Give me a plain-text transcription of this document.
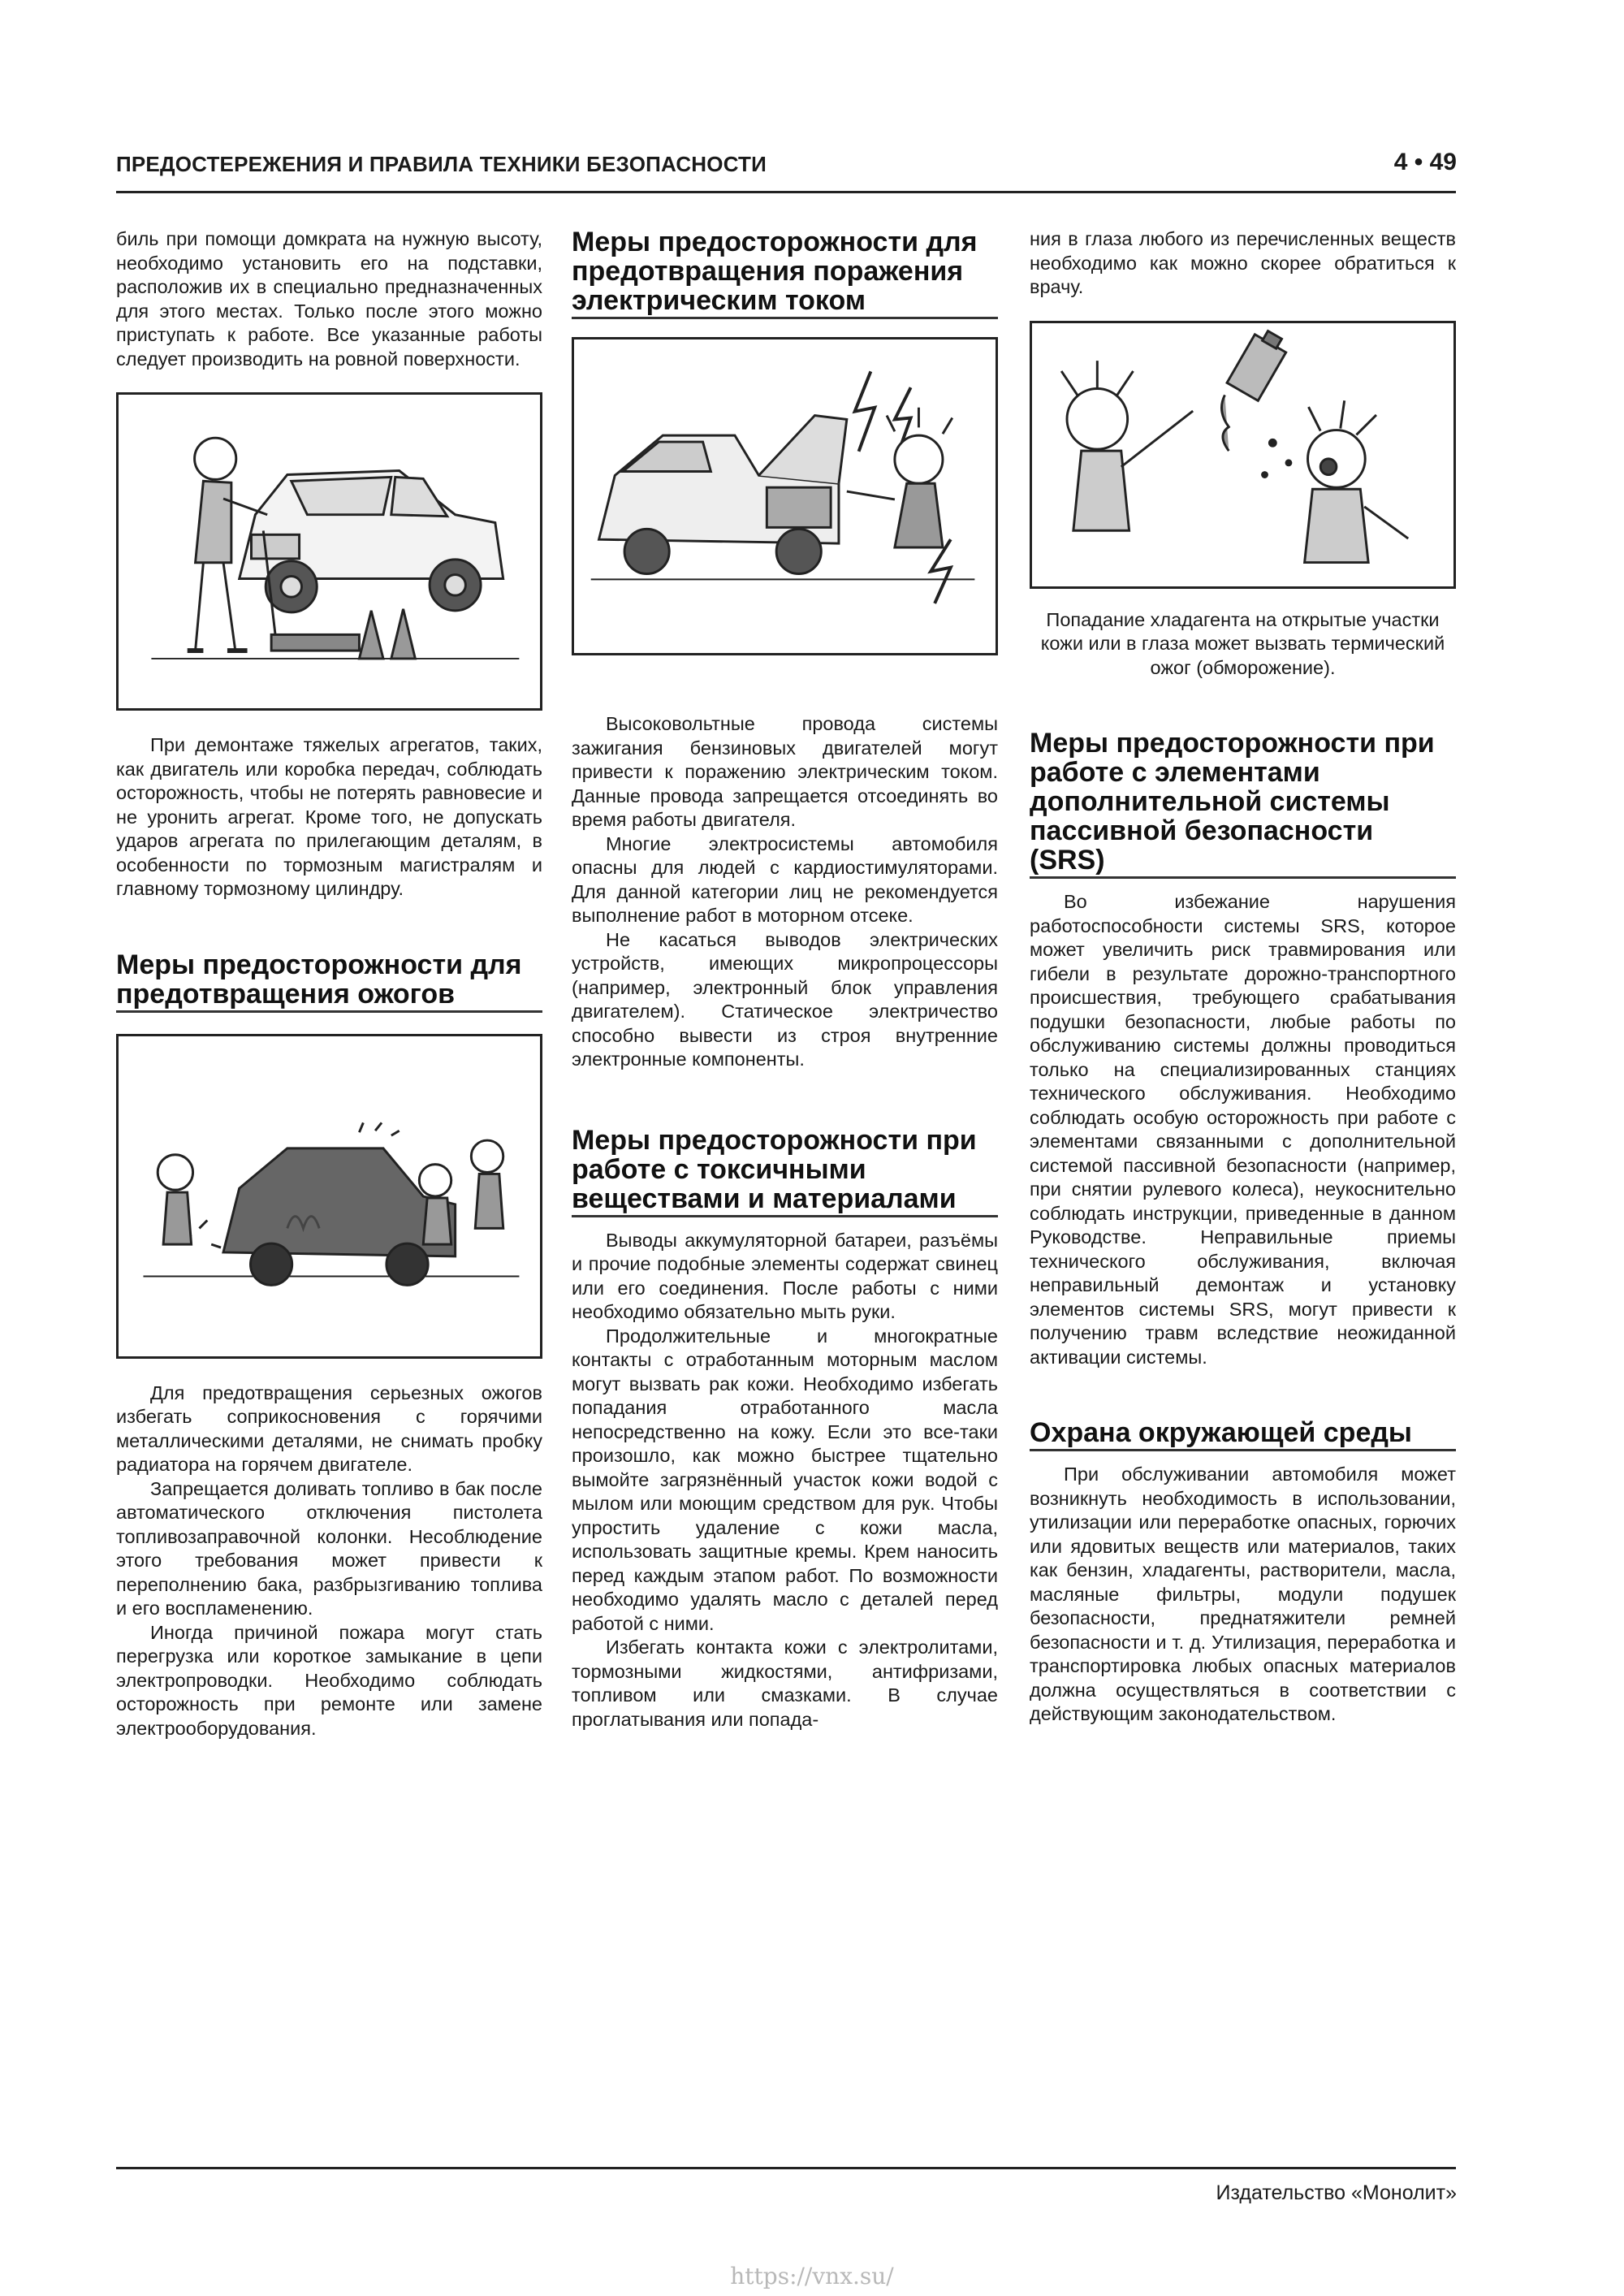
ПРЕДОСТЕРЕЖЕНИЯ И ПРАВИЛА ТЕХНИКИ БЕЗОПАСНОСТИ	4 • 49

биль при помощи домкрата на нужную высоту, необходимо установить его на подставки, расположив их в специально предназначенных для этого местах. Только после этого можно приступать к работе. Все указанные работы следует производить на ровной поверхности.

При демонтаже тяжелых агрегатов, таких, как двигатель или коробка передач, соблюдать осторожность, чтобы не потерять равновесие и не уронить агрегат. Кроме того, не допускать ударов агрегата по прилегающим деталям, в особенности по тормозным магистралям и главному тормозному цилиндру.

Меры предосторожности для предотвращения ожогов

Для предотвращения серьезных ожогов избегать соприкосновения с горячими металлическими деталями, не снимать пробку радиатора на горячем двигателе.

Запрещается доливать топливо в бак после автоматического отключения пистолета топливозаправочной колонки. Несоблюдение этого требования может привести к переполнению бака, разбрызгиванию топлива и его воспламенению.

Иногда причиной пожара могут стать перегрузка или короткое замыкание в цепи электропроводки. Необходимо соблюдать осторожность при ремонте или замене электрооборудования.

Меры предосторожности для предотвращения поражения электрическим током

Высоковольтные провода системы зажигания бензиновых двигателей могут привести к поражению электрическим током. Данные провода запрещается отсоединять во время работы двигателя.

Многие электросистемы автомобиля опасны для людей с кардиостимуляторами. Для данной категории лиц не рекомендуется выполнение работ в моторном отсеке.

Не касаться выводов электрических устройств, имеющих микропроцессоры (например, электронный блок управления двигателем). Статическое электричество способно вывести из строя внутренние электронные компоненты.

Меры предосторожности при работе с токсичными веществами и материалами

Выводы аккумуляторной батареи, разъёмы и прочие подобные элементы содержат свинец или его соединения. После работы с ними необходимо обязательно мыть руки.

Продолжительные и многократные контакты с отработанным моторным маслом могут вызвать рак кожи. Необходимо избегать попадания отработанного масла непосредственно на кожу. Если это все-таки произошло, как можно быстрее тщательно вымойте загрязнённый участок кожи водой с мылом или моющим средством для рук. Чтобы упростить удаление с кожи масла, использовать защитные кремы. Крем наносить перед каждым этапом работ. По возможности необходимо удалять масло с деталей перед работой с ними.

Избегать контакта кожи с электролитами, тормозными жидкостями, антифризами, топливом или смазками. В случае проглатывания или попада-

ния в глаза любого из перечисленных веществ необходимо как можно скорее обратиться к врачу.

Попадание хладагента на открытые участки кожи или в глаза может вызвать термический ожог (обморожение).

Меры предосторожности при работе с элементами дополнительной системы пассивной безопасности (SRS)

Во избежание нарушения работоспособности системы SRS, которое может увеличить риск травмирования или гибели в результате дорожно-транспортного происшествия, требующего срабатывания подушки безопасности, любые работы по обслуживанию системы должны проводиться только на специализированных станциях технического обслуживания. Необходимо соблюдать особую осторожность при работе с элементами связанными с дополнительной системой пассивной безопасности (например, при снятии рулевого колеса), неукоснительно соблюдать инструкции, приведенные в данном Руководстве. Неправильные приемы технического обслуживания, включая неправильный демонтаж и установку элементов системы SRS, могут привести к получению травм вследствие неожиданной активации системы.

Охрана окружающей среды

При обслуживании автомобиля может возникнуть необходимость в использовании, утилизации или переработке опасных, горючих или ядовитых веществ или материалов, таких как бензин, хладагенты, растворители, масла, масляные фильтры, модули подушек безопасности, преднатяжители ремней безопасности и т. д. Утилизация, переработка и транспортировка любых опасных материалов должна осуществляться в соответствии с действующим законодательством.

Издательство «Монолит»
https://vnx.su/
